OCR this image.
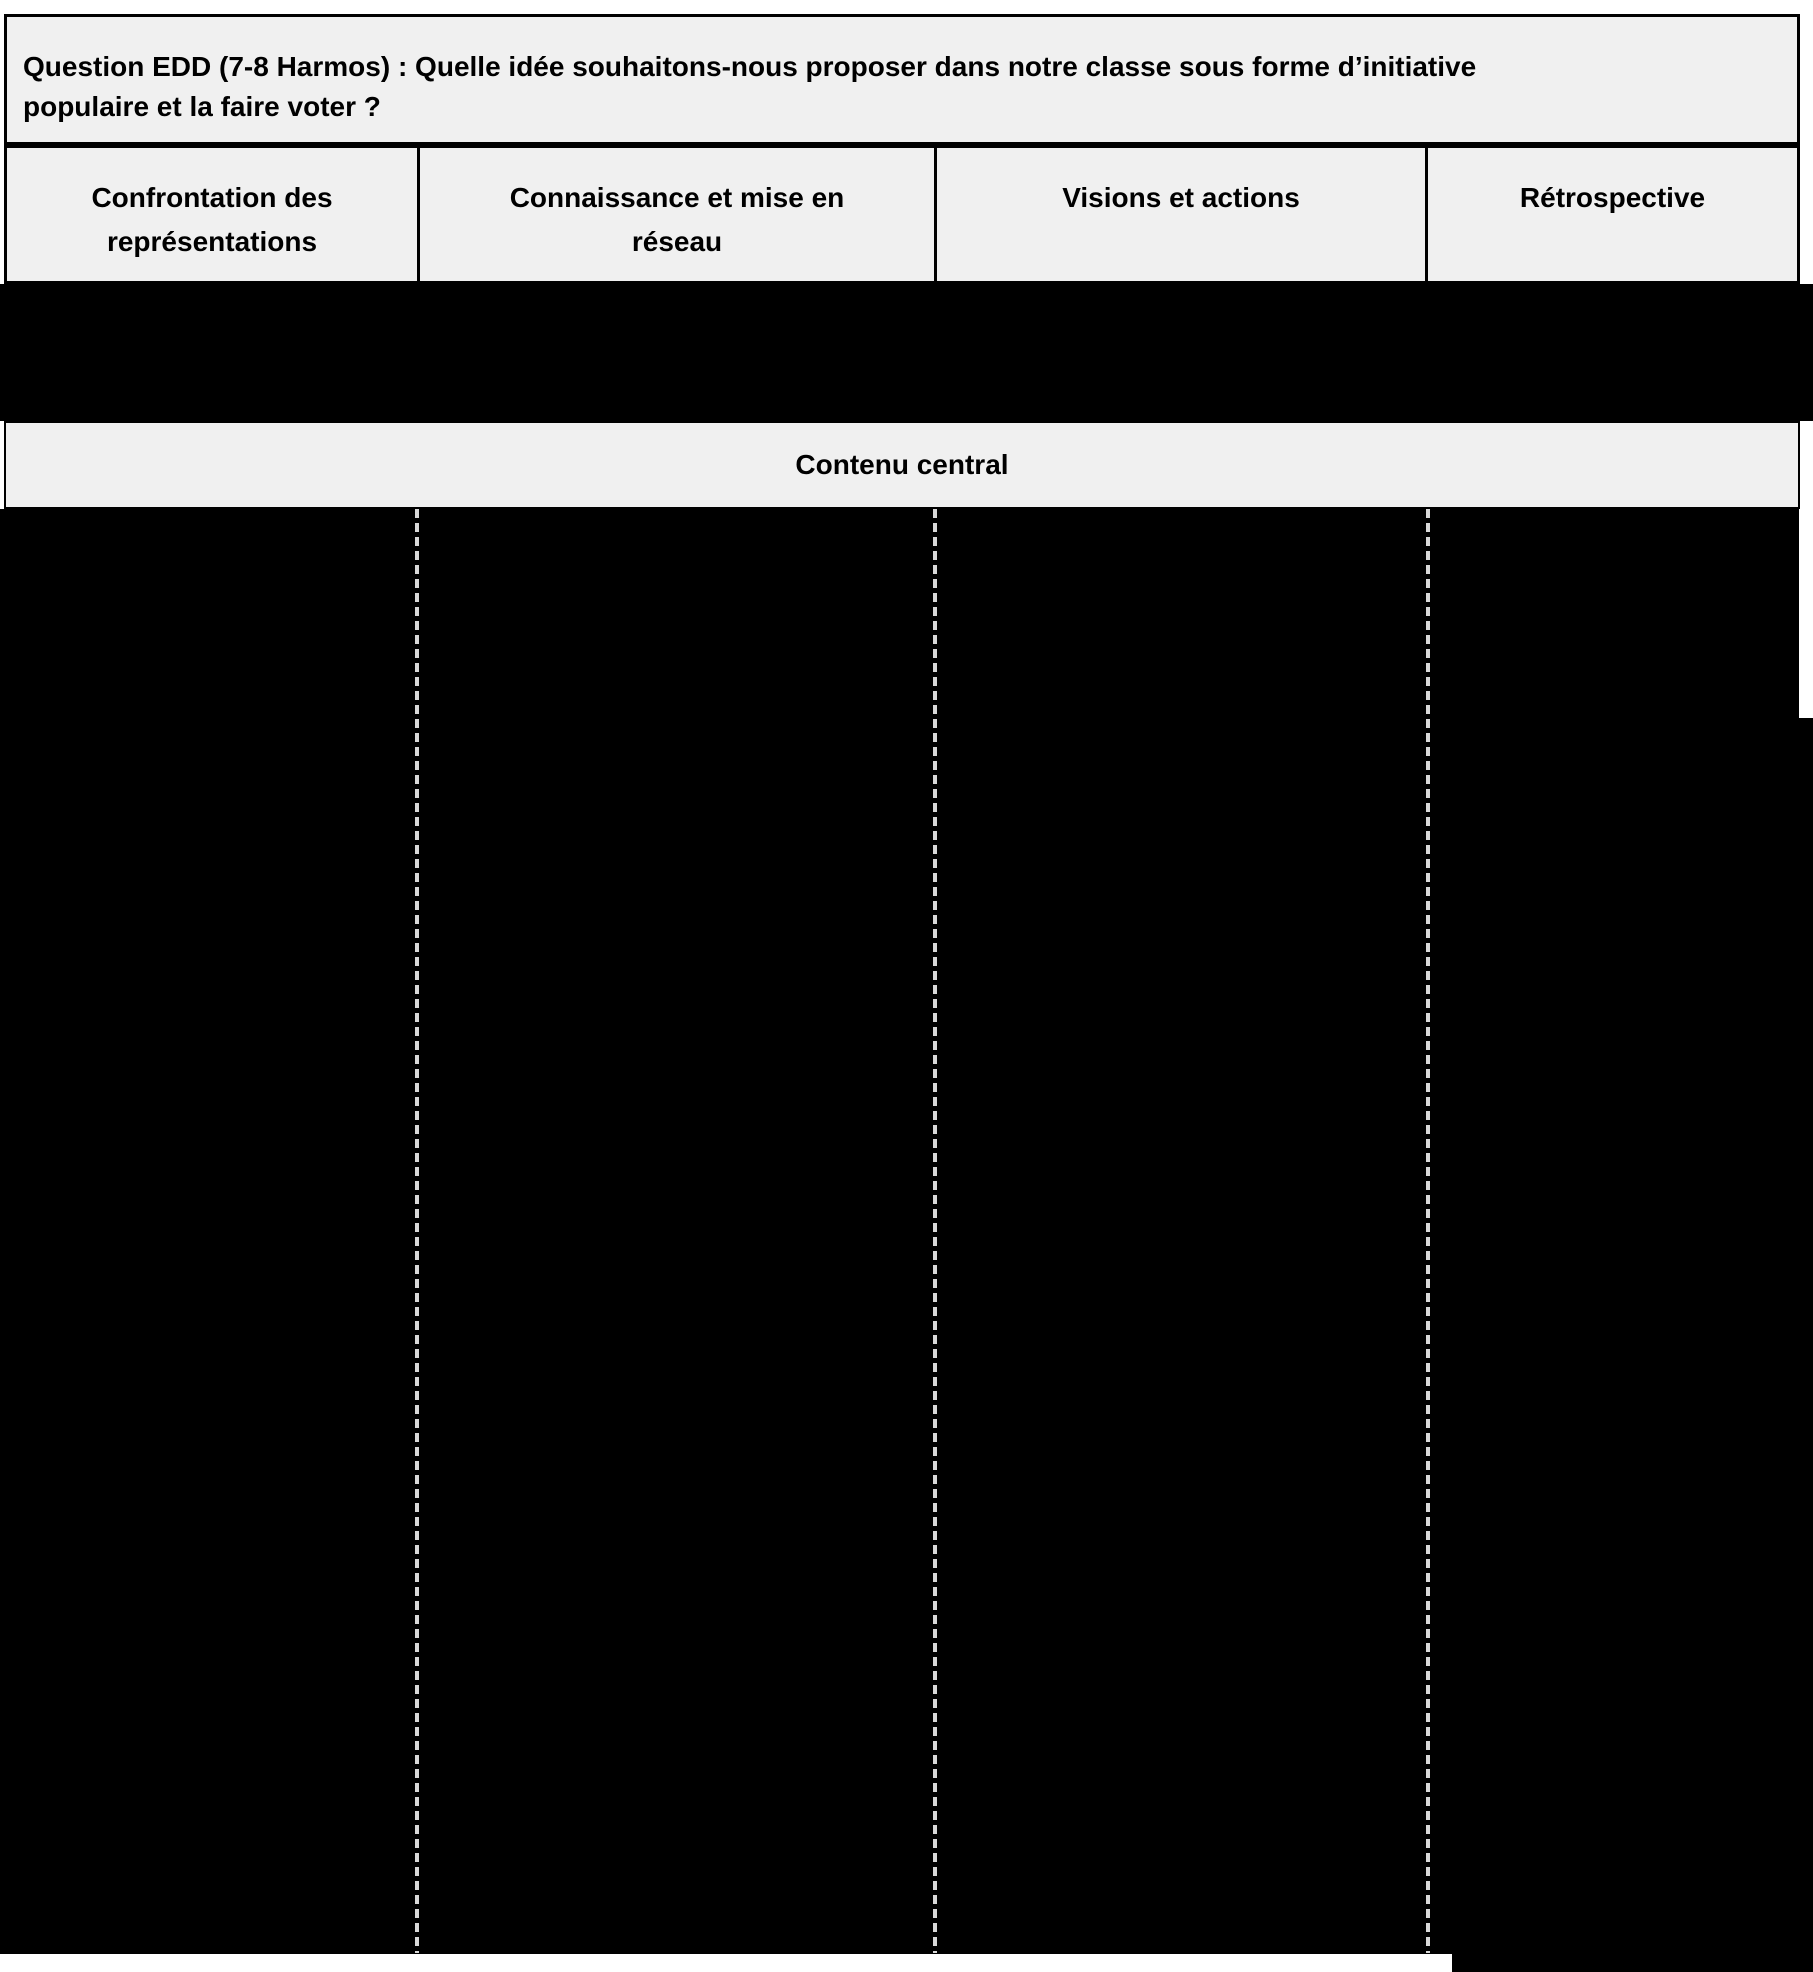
Question EDD (7-8 Harmos) : Quelle idée souhaitons-nous proposer dans notre classe sous forme d’initiative
populaire et la faire voter ?
Confrontation des
représentations
Connaissance et mise en
réseau
Visions et actions	Rétrospective
Contenu central
